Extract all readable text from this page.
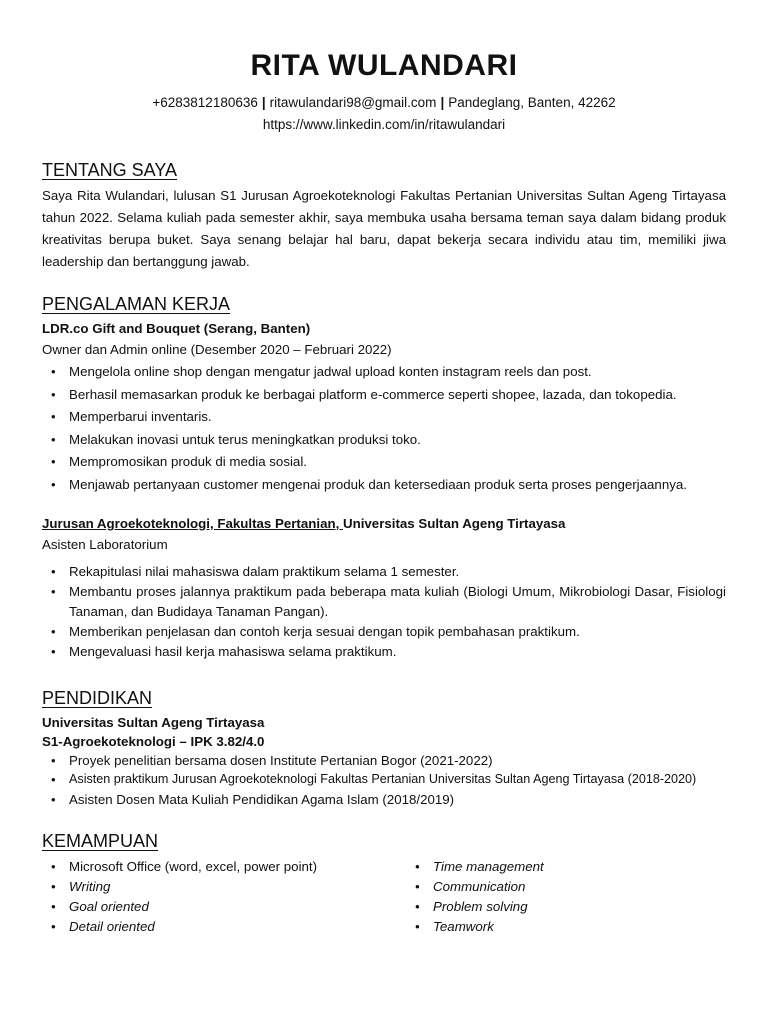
RITA WULANDARI
+6283812180636 | ritawulandari98@gmail.com | Pandeglang, Banten, 42262
https://www.linkedin.com/in/ritawulandari
TENTANG SAYA
Saya Rita Wulandari, lulusan S1 Jurusan Agroekoteknologi Fakultas Pertanian Universitas Sultan Ageng Tirtayasa tahun 2022. Selama kuliah pada semester akhir, saya membuka usaha bersama teman saya dalam bidang produk kreativitas berupa buket. Saya senang belajar hal baru, dapat bekerja secara individu atau tim, memiliki jiwa leadership dan bertanggung jawab.
PENGALAMAN KERJA
LDR.co Gift and Bouquet (Serang, Banten)
Owner dan Admin online (Desember 2020 – Februari 2022)
• Mengelola online shop dengan mengatur jadwal upload konten instagram reels dan post.
• Berhasil memasarkan produk ke berbagai platform e-commerce seperti shopee, lazada, dan tokopedia.
• Memperbarui inventaris.
• Melakukan inovasi untuk terus meningkatkan produksi toko.
• Mempromosikan produk di media sosial.
• Menjawab pertanyaan customer mengenai produk dan ketersediaan produk serta proses pengerjaannya.
Jurusan Agroekoteknologi, Fakultas Pertanian, Universitas Sultan Ageng Tirtayasa
Asisten Laboratorium
• Rekapitulasi nilai mahasiswa dalam praktikum selama 1 semester.
• Membantu proses jalannya praktikum pada beberapa mata kuliah (Biologi Umum, Mikrobiologi Dasar, Fisiologi Tanaman, dan Budidaya Tanaman Pangan).
• Memberikan penjelasan dan contoh kerja sesuai dengan topik pembahasan praktikum.
• Mengevaluasi hasil kerja mahasiswa selama praktikum.
PENDIDIKAN
Universitas Sultan Ageng Tirtayasa
S1-Agroekoteknologi – IPK 3.82/4.0
• Proyek penelitian bersama dosen Institute Pertanian Bogor (2021-2022)
• Asisten praktikum Jurusan Agroekoteknologi Fakultas Pertanian Universitas Sultan Ageng Tirtayasa (2018-2020)
• Asisten Dosen Mata Kuliah Pendidikan Agama Islam (2018/2019)
KEMAMPUAN
• Microsoft Office (word, excel, power point)
• Writing
• Goal oriented
• Detail oriented
• Time management
• Communication
• Problem solving
• Teamwork
